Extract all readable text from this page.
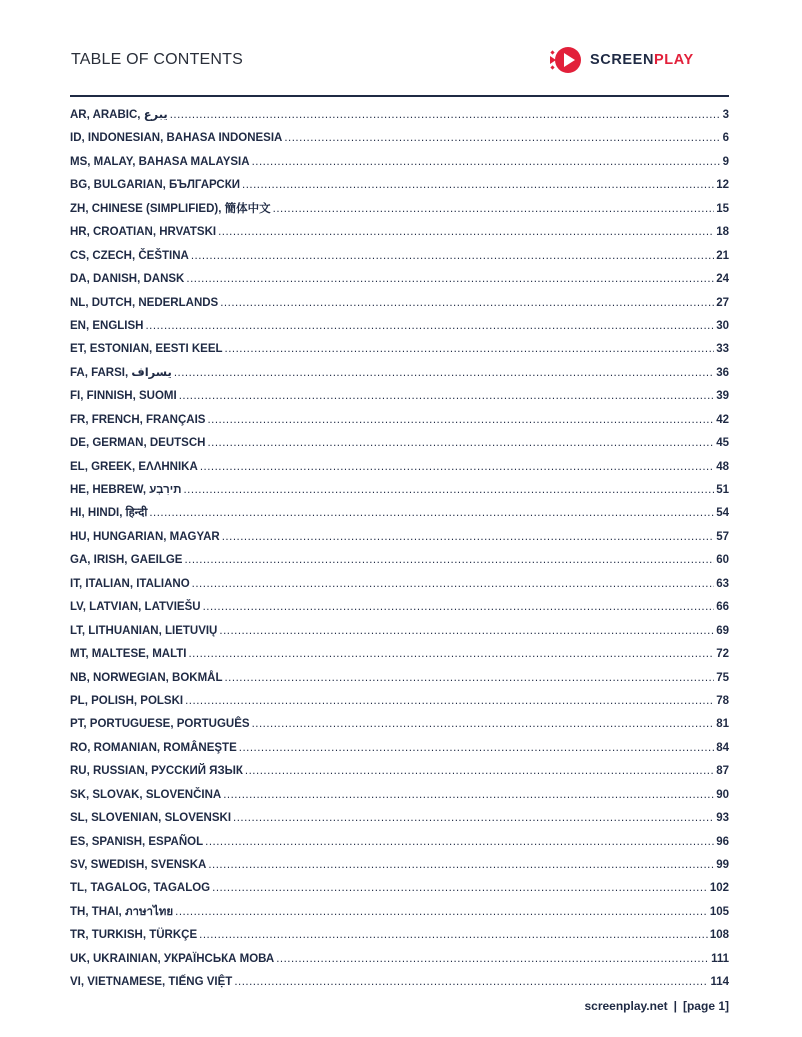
TABLE OF CONTENTS	SCREENPLAY
AR, ARABIC, يبرع .....	3
ID, INDONESIAN, BAHASA INDONESIA .....	6
MS, MALAY, BAHASA MALAYSIA .....	9
BG, BULGARIAN, БЪЛГАРСКИ .....	12
ZH, CHINESE (SIMPLIFIED), 簡体中文 .....	15
HR, CROATIAN, HRVATSKI .....	18
CS, CZECH, ČEŠTINA .....	21
DA, DANISH, DANSK .....	24
NL, DUTCH, NEDERLANDS .....	27
EN, ENGLISH .....	30
ET, ESTONIAN, EESTI KEEL .....	33
FA, FARSI, یسراف .....	36
FI, FINNISH, SUOMI .....	39
FR, FRENCH, FRANÇAIS .....	42
DE, GERMAN, DEUTSCH .....	45
EL, GREEK, ΕΛΛΗΝΙΚΑ .....	48
HE, HEBREW, תירִבְע .....	51
HI, HINDI, हिन्दी .....	54
HU, HUNGARIAN, MAGYAR .....	57
GA, IRISH, GAEILGE .....	60
IT, ITALIAN, ITALIANO .....	63
LV, LATVIAN, LATVIEŠU .....	66
LT, LITHUANIAN, LIETUVIŲ .....	69
MT, MALTESE, MALTI .....	72
NB, NORWEGIAN, BOKMÅL .....	75
PL, POLISH, POLSKI .....	78
PT, PORTUGUESE, PORTUGUÊS .....	81
RO, ROMANIAN, ROMÂNEŞTE .....	84
RU, RUSSIAN, РУССКИЙ ЯЗЫК .....	87
SK, SLOVAK, SLOVENČINA .....	90
SL, SLOVENIAN, SLOVENSKI .....	93
ES, SPANISH, ESPAÑOL .....	96
SV, SWEDISH, SVENSKA .....	99
TL, TAGALOG, TAGALOG .....	102
TH, THAI, ภาษาไทย .....	105
TR, TURKISH, TÜRKÇE .....	108
UK, UKRAINIAN, УКРАЇНСЬКА МОВА .....	111
VI, VIETNAMESE, TIẾNG VIỆT .....	114
screenplay.net | [page 1]
